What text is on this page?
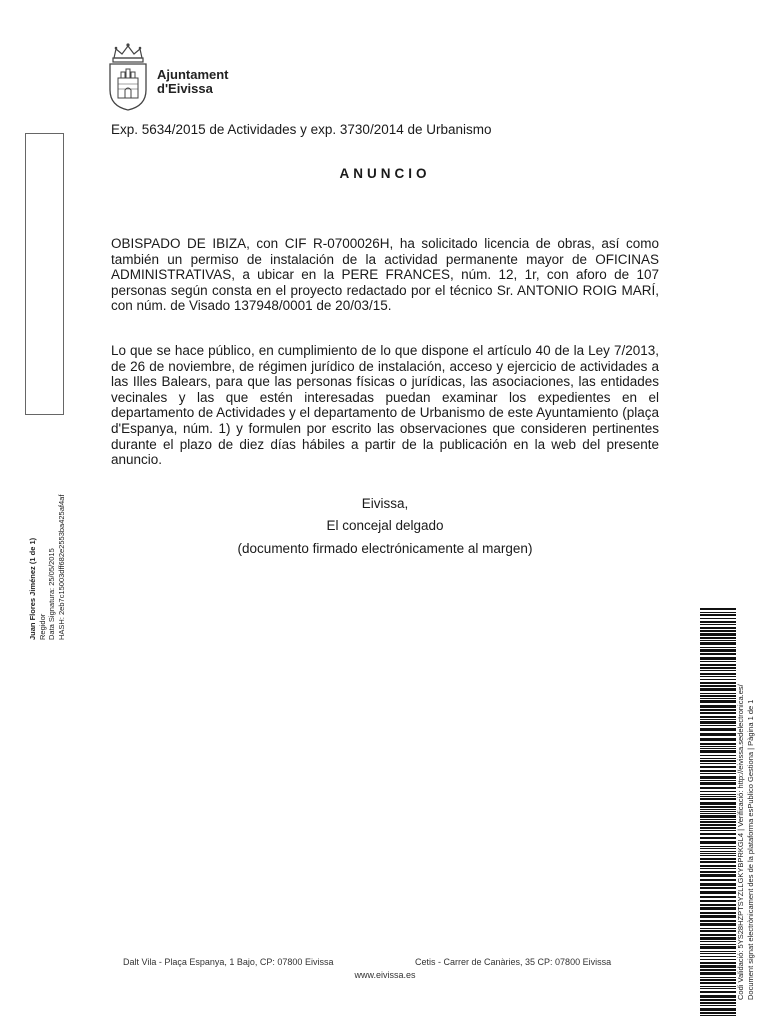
Ajuntament
d'Eivissa
Juan Flores Jiménez (1 de 1) Regidor Data Signatura: 25/05/2015 HASH: 2eb7c15003dff682e2553ba425af4af
Exp. 5634/2015 de Actividades y exp. 3730/2014 de Urbanismo
ANUNCIO

OBISPADO DE IBIZA, con CIF R-0700026H, ha solicitado licencia de obras, así como también un permiso de instalación de la actividad permanente mayor de OFICINAS ADMINISTRATIVAS, a ubicar en la PERE FRANCES, núm. 12, 1r, con aforo de 107 personas según consta en el proyecto redactado por el técnico Sr. ANTONIO ROIG MARÍ, con núm. de Visado 137948/0001 de 20/03/15.

Lo que se hace público, en cumplimiento de lo que dispone el artículo 40 de la Ley 7/2013, de 26 de noviembre, de régimen jurídico de instalación, acceso y ejercicio de actividades a las Illes Balears, para que las personas físicas o jurídicas, las asociaciones, las entidades vecinales y las que estén interesadas puedan examinar los expedientes en el departamento de Actividades y el departamento de Urbanismo de este Ayuntamiento (plaça d'Espanya, núm. 1) y formulen por escrito las observaciones que consideren pertinentes durante el plazo de diez días hábiles a partir de la publicación en la web del presente anuncio.

Eivissa,
El concejal delgado
(documento firmado electrónicamente al margen)
Codi Validació: 5YS28HZPTSYZLLGKYBPRKGL4 | Verificació: http://eivissa.sedelectronica.es/ Document signat electrònicament des de la plataforma esPublico Gestiona | Pàgina 1 de 1
Dalt Vila - Plaça Espanya, 1 Bajo, CP: 07800 Eivissa	Cetis - Carrer de Canàries, 35 CP: 07800 Eivissa
www.eivissa.es
